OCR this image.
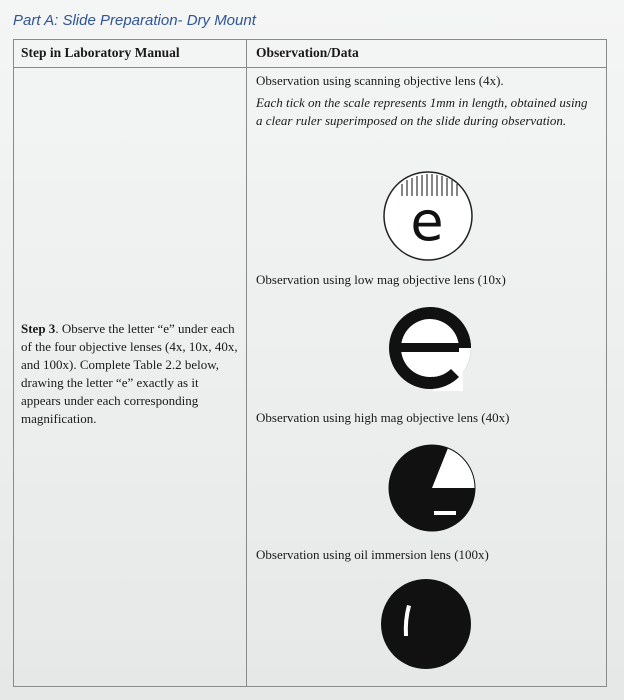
Part A: Slide Preparation- Dry Mount
Step in Laboratory Manual	Observation/Data
Step 3. Observe the letter “e” under each of the four objective lenses (4x, 10x, 40x, and 100x). Complete Table 2.2 below, drawing the letter “e” exactly as it appears under each corresponding magnification.
Observation using scanning objective lens (4x).
Each tick on the scale represents 1mm in length, obtained using a clear ruler superimposed on the slide during observation.
e
Observation using low mag objective lens (10x)
Observation using high mag objective lens (40x)
Observation using oil immersion lens (100x)
